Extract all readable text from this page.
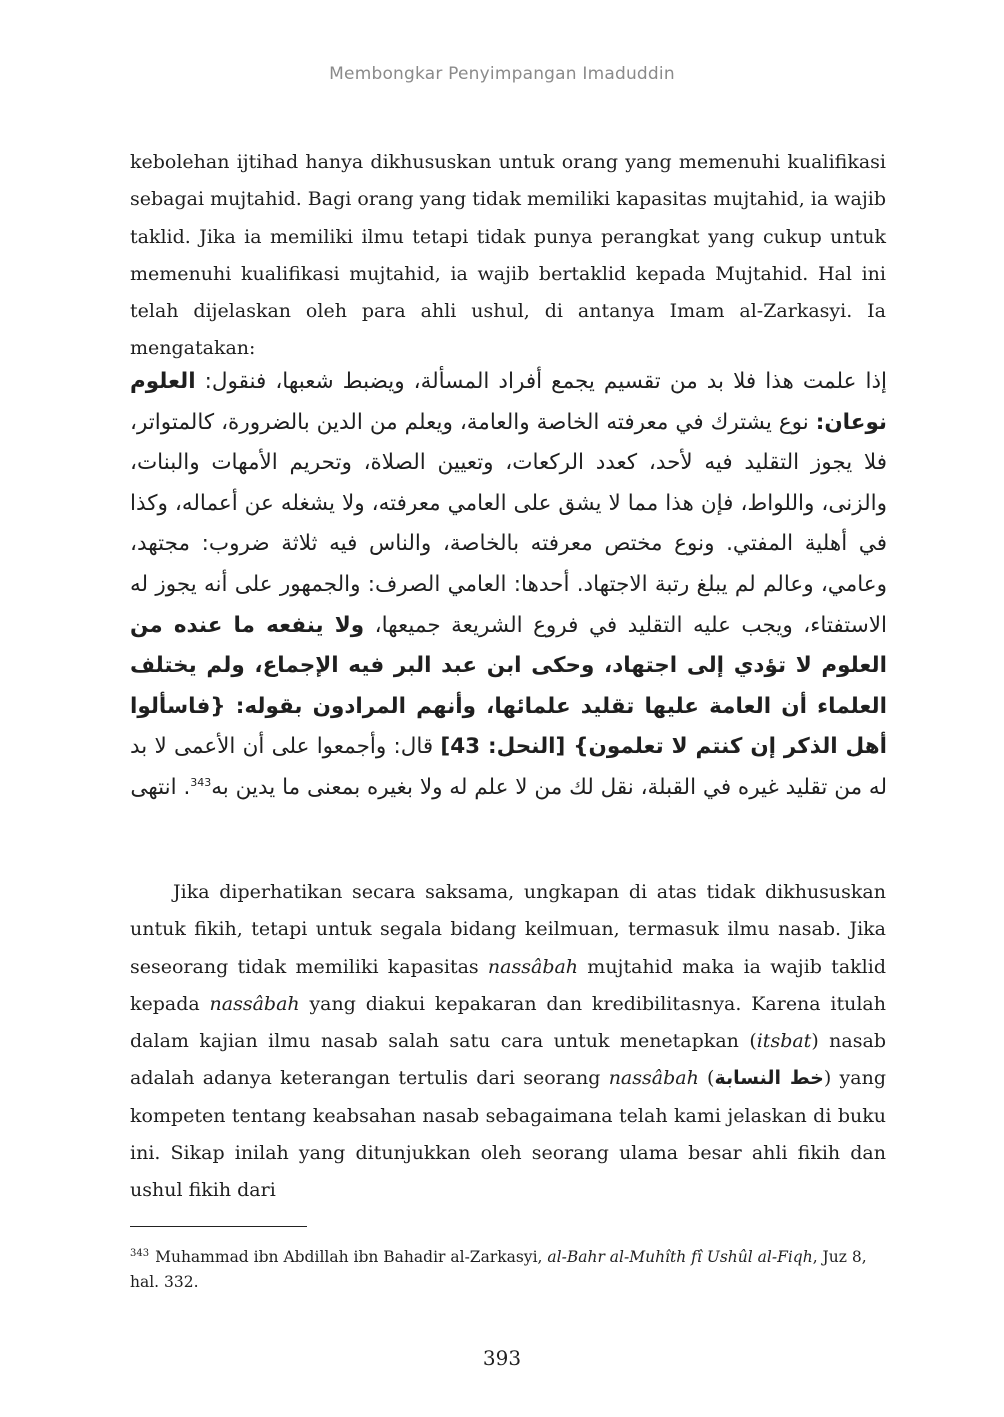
Membongkar Penyimpangan Imaduddin

kebolehan ijtihad hanya dikhususkan untuk orang yang memenuhi kualifikasi sebagai mujtahid. Bagi orang yang tidak memiliki kapasitas mujtahid, ia wajib taklid. Jika ia memiliki ilmu tetapi tidak punya perangkat yang cukup untuk memenuhi kualifikasi mujtahid, ia wajib bertaklid kepada Mujtahid. Hal ini telah dijelaskan oleh para ahli ushul, di antanya Imam al-Zarkasyi. Ia mengatakan:

إذا علمت هذا فلا بد من تقسيم يجمع أفراد المسألة، ويضبط شعبها، فنقول: العلوم نوعان: نوع يشترك في معرفته الخاصة والعامة، ويعلم من الدين بالضرورة، كالمتواتر، فلا يجوز التقليد فيه لأحد، كعدد الركعات، وتعيين الصلاة، وتحريم الأمهات والبنات، والزنى، واللواط، فإن هذا مما لا يشق على العامي معرفته، ولا يشغله عن أعماله، وكذا في أهلية المفتي. ونوع مختص معرفته بالخاصة، والناس فيه ثلاثة ضروب: مجتهد، وعامي، وعالم لم يبلغ رتبة الاجتهاد. أحدها: العامي الصرف: والجمهور على أنه يجوز له الاستفتاء، ويجب عليه التقليد في فروع الشريعة جميعها، ولا ينفعه ما عنده من العلوم لا تؤدي إلى اجتهاد، وحكى ابن عبد البر فيه الإجماع، ولم يختلف العلماء أن العامة عليها تقليد علمائها، وأنهم المرادون بقوله: {فاسألوا أهل الذكر إن كنتم لا تعلمون} [النحل: 43] قال: وأجمعوا على أن الأعمى لا بد له من تقليد غيره في القبلة، نقل لك من لا علم له ولا بغيره بمعنى ما يدين به$^{343}$. انتهى

Jika diperhatikan secara saksama, ungkapan di atas tidak dikhususkan untuk fikih, tetapi untuk segala bidang keilmuan, termasuk ilmu nasab. Jika seseorang tidak memiliki kapasitas nassâbah mujtahid maka ia wajib taklid kepada nassâbah yang diakui kepakaran dan kredibilitasnya. Karena itulah dalam kajian ilmu nasab salah satu cara untuk menetapkan (itsbat) nasab adalah adanya keterangan tertulis dari seorang nassâbah (خط النسابة) yang kompeten tentang keabsahan nasab sebagaimana telah kami jelaskan di buku ini. Sikap inilah yang ditunjukkan oleh seorang ulama besar ahli fikih dan ushul fikih dari

$^{343}$ Muhammad ibn Abdillah ibn Bahadir al-Zarkasyi, al-Bahr al-Muhîth fî Ushûl al-Fiqh, Juz 8, hal. 332.

393
